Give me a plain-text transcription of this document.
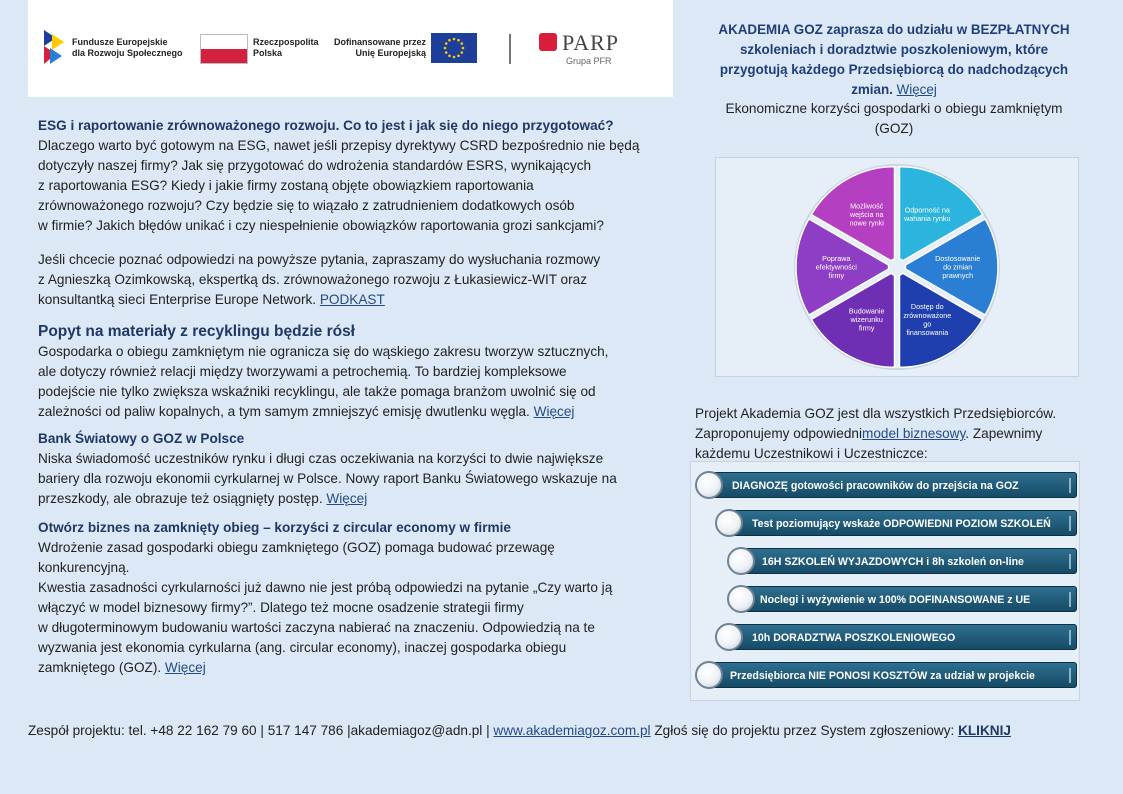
Fundusze Europejskie
dla Rozwoju Społecznego
Rzeczpospolita
Polska
Dofinansowane przez
Unię Europejską	PARP
Grupa PFR
ESG i raportowanie zrównoważonego rozwoju. Co to jest i jak się do niego przygotować?
Dlaczego warto być gotowym na ESG, nawet jeśli przepisy dyrektywy CSRD bezpośrednio nie będą
dotyczyły naszej firmy? Jak się przygotować do wdrożenia standardów ESRS, wynikających
z raportowania ESG? Kiedy i jakie firmy zostaną objęte obowiązkiem raportowania
zrównoważonego rozwoju? Czy będzie się to wiązało z zatrudnieniem dodatkowych osób
w firmie? Jakich błędów unikać i czy niespełnienie obowiązków raportowania grozi sankcjami?
Jeśli chcecie poznać odpowiedzi na powyższe pytania, zapraszamy do wysłuchania rozmowy
z Agnieszką Ozimkowską, ekspertką ds. zrównoważonego rozwoju z Łukasiewicz-WIT oraz
konsultantką sieci Enterprise Europe Network. PODKAST
Popyt na materiały z recyklingu będzie rósł
Gospodarka o obiegu zamkniętym nie ogranicza się do wąskiego zakresu tworzyw sztucznych,
ale dotyczy również relacji między tworzywami a petrochemią. To bardziej kompleksowe
podejście nie tylko zwiększa wskaźniki recyklingu, ale także pomaga branżom uwolnić się od
zależności od paliw kopalnych, a tym samym zmniejszyć emisję dwutlenku węgla. Więcej
Bank Światowy o GOZ w Polsce
Niska świadomość uczestników rynku i długi czas oczekiwania na korzyści to dwie największe
bariery dla rozwoju ekonomii cyrkularnej w Polsce. Nowy raport Banku Światowego wskazuje na
przeszkody, ale obrazuje też osiągnięty postęp. Więcej
Otwórz biznes na zamknięty obieg – korzyści z circular economy w firmie
Wdrożenie zasad gospodarki obiegu zamkniętego (GOZ) pomaga budować przewagę
konkurencyjną.
Kwestia zasadności cyrkularności już dawno nie jest próbą odpowiedzi na pytanie „Czy warto ją
włączyć w model biznesowy firmy?”. Dlatego też mocne osadzenie strategii firmy
w długoterminowym budowaniu wartości zaczyna nabierać na znaczeniu. Odpowiedzią na te
wyzwania jest ekonomia cyrkularna (ang. circular economy), inaczej gospodarka obiegu
zamkniętego (GOZ). Więcej
AKADEMIA GOZ zaprasza do udziału w BEZPŁATNYCH
szkoleniach i doradztwie poszkoleniowym, które
przygotują każdego Przedsiębiorcą do nadchodzących
zmian. Więcej
Ekonomiczne korzyści gospodarki o obiegu zamkniętym
(GOZ)
Odporność na wahania rynku
Dostosowanie do zmian prawnych
Dostęp do zrównoważone go finansowania
Budowanie wizerunku firmy
Poprawa efektywności firmy
Możliwość wejścia na nowe rynki
Projekt Akademia GOZ jest dla wszystkich Przedsiębiorców.
Zaproponujemy odpowiednimodel biznesowy. Zapewnimy
każdemu Uczestnikowi i Uczestniczce:
DIAGNOZĘ gotowości pracowników do przejścia na GOZ
Test poziomujący wskaże ODPOWIEDNI POZIOM SZKOLEŃ
16H SZKOLEŃ WYJAZDOWYCH i 8h szkoleń on-line
Noclegi i wyżywienie w 100% DOFINANSOWANE z UE
10h DORADZTWA POSZKOLENIOWEGO
Przedsiębiorca NIE PONOSI KOSZTÓW za udział w projekcie
Zespół projektu: tel. +48 22 162 79 60 | 517 147 786 |akademiagoz@adn.pl | www.akademiagoz.com.pl Zgłoś się do projektu przez System zgłoszeniowy: KLIKNIJ
